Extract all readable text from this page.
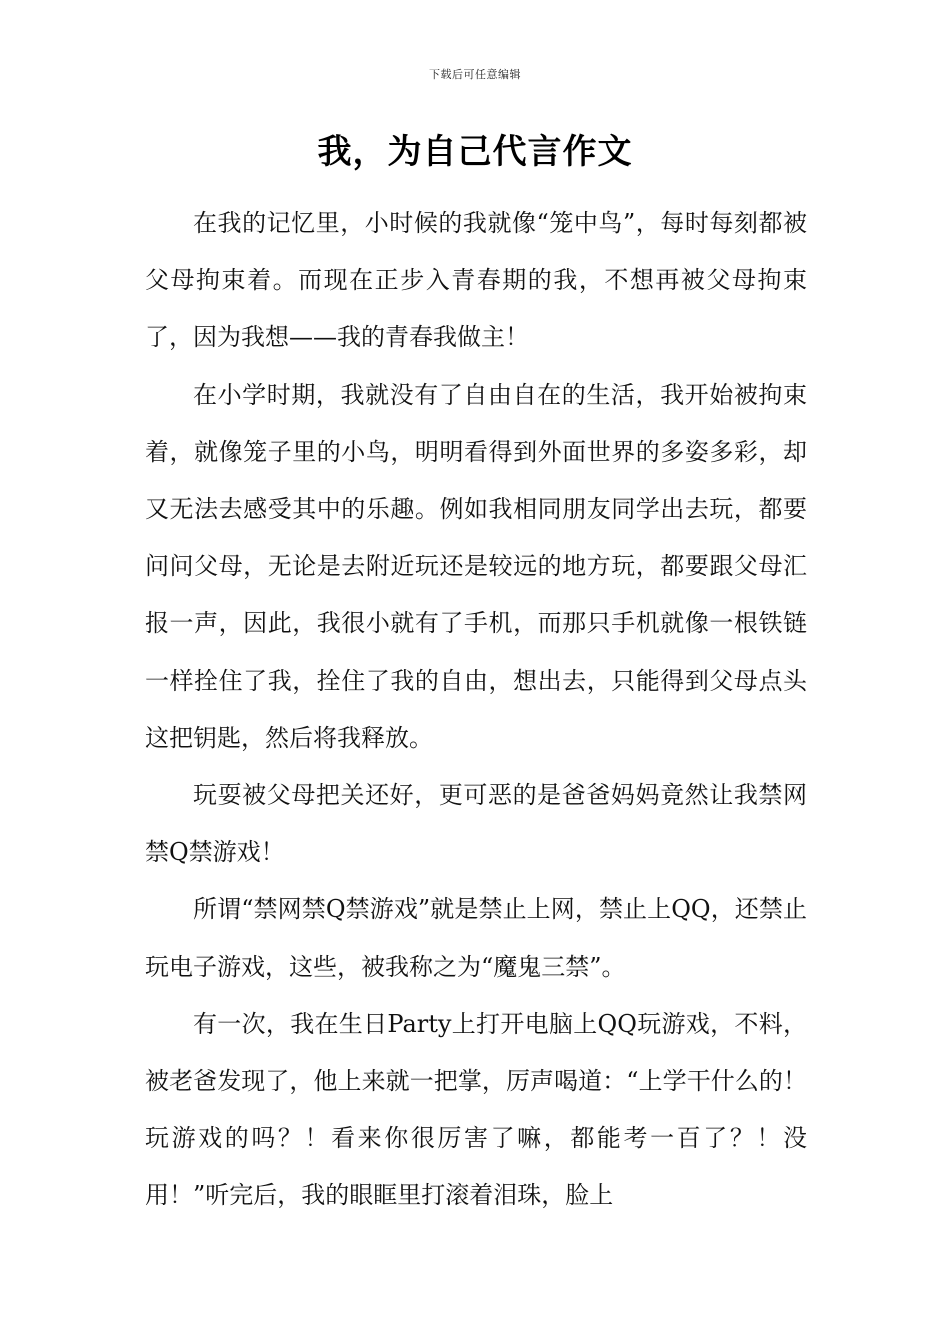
下载后可任意编辑
我，为自己代言作文

在我的记忆里，小时候的我就像“笼中鸟”，每时每刻都被父母拘束着。而现在正步入青春期的我，不想再被父母拘束了，因为我想——我的青春我做主！

在小学时期，我就没有了自由自在的生活，我开始被拘束着，就像笼子里的小鸟，明明看得到外面世界的多姿多彩，却又无法去感受其中的乐趣。例如我相同朋友同学出去玩，都要问问父母，无论是去附近玩还是较远的地方玩，都要跟父母汇报一声，因此，我很小就有了手机，而那只手机就像一根铁链一样拴住了我，拴住了我的自由，想出去，只能得到父母点头这把钥匙，然后将我释放。

玩耍被父母把关还好，更可恶的是爸爸妈妈竟然让我禁网禁Q禁游戏！

所谓“禁网禁Q禁游戏”就是禁止上网，禁止上QQ，还禁止玩电子游戏，这些，被我称之为“魔鬼三禁”。

有一次，我在生日Party上打开电脑上QQ玩游戏，不料，被老爸发现了，他上来就一把掌，厉声喝道：“上学干什么的！玩游戏的吗？！看来你很厉害了嘛，都能考一百了？！没用！”听完后，我的眼眶里打滚着泪珠，脸上
